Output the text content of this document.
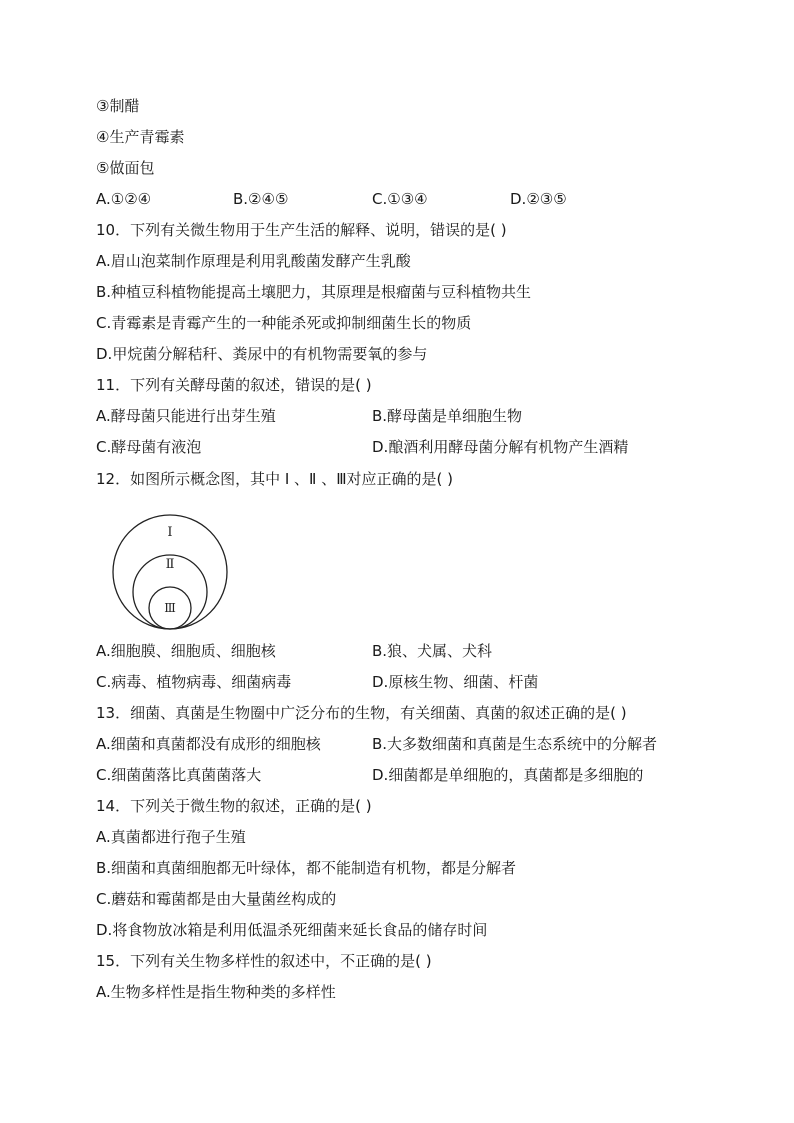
③制醋
④生产青霉素
⑤做面包
A.①②④	B.②④⑤	C.①③④	D.②③⑤
10．下列有关微生物用于生产生活的解释、说明，错误的是( )
A.眉山泡菜制作原理是利用乳酸菌发酵产生乳酸
B.种植豆科植物能提高土壤肥力，其原理是根瘤菌与豆科植物共生
C.青霉素是青霉产生的一种能杀死或抑制细菌生长的物质
D.甲烷菌分解秸秆、粪尿中的有机物需要氧的参与
11．下列有关酵母菌的叙述，错误的是( )
A.酵母菌只能进行出芽生殖	B.酵母菌是单细胞生物
C.酵母菌有液泡	D.酿酒利用酵母菌分解有机物产生酒精
12．如图所示概念图，其中 Ⅰ 、Ⅱ 、Ⅲ对应正确的是( )
Ⅰ
Ⅱ
Ⅲ
A.细胞膜、细胞质、细胞核	B.狼、犬属、犬科
C.病毒、植物病毒、细菌病毒	D.原核生物、细菌、杆菌
13．细菌、真菌是生物圈中广泛分布的生物，有关细菌、真菌的叙述正确的是( )
A.细菌和真菌都没有成形的细胞核	B.大多数细菌和真菌是生态系统中的分解者
C.细菌菌落比真菌菌落大	D.细菌都是单细胞的，真菌都是多细胞的
14．下列关于微生物的叙述，正确的是( )
A.真菌都进行孢子生殖
B.细菌和真菌细胞都无叶绿体，都不能制造有机物，都是分解者
C.蘑菇和霉菌都是由大量菌丝构成的
D.将食物放冰箱是利用低温杀死细菌来延长食品的储存时间
15．下列有关生物多样性的叙述中，不正确的是( )
A.生物多样性是指生物种类的多样性
